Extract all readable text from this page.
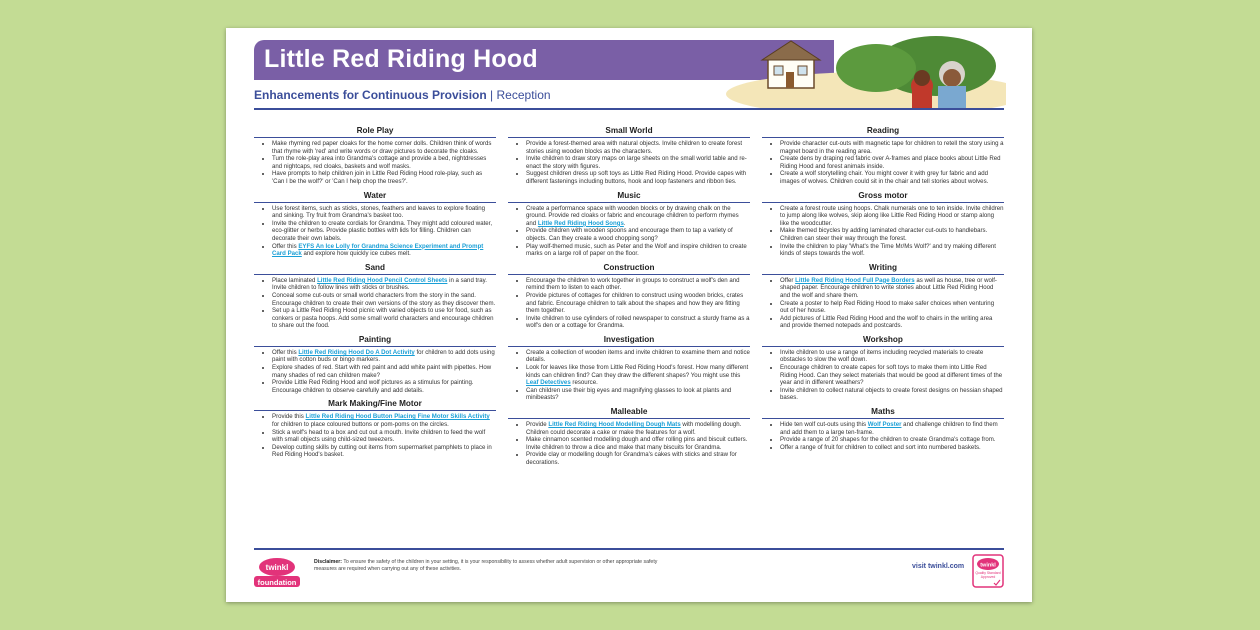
Little Red Riding Hood
Enhancements for Continuous Provision | Reception
Role Play
• Make rhyming red paper cloaks for the home corner dolls. Children think of words that rhyme with 'red' and write words or draw pictures to decorate the cloaks.
• Turn the role-play area into Grandma's cottage and provide a bed, nightdresses and nightcaps, red cloaks, baskets and wolf masks.
• Have prompts to help children join in Little Red Riding Hood role-play, such as 'Can I be the wolf?' or 'Can I help chop the trees?'.
Water
• Use forest items, such as sticks, stones, feathers and leaves to explore floating and sinking. Try fruit from Grandma's basket too.
• Invite the children to create cordials for Grandma. They might add coloured water, eco-glitter or herbs. Provide plastic bottles with lids for filling. Children can decorate their own labels.
• Offer this EYFS An Ice Lolly for Grandma Science Experiment and Prompt Card Pack and explore how quickly ice cubes melt.
Sand
• Place laminated Little Red Riding Hood Pencil Control Sheets in a sand tray. Invite children to follow lines with sticks or brushes.
• Conceal some cut-outs or small world characters from the story in the sand. Encourage children to create their own versions of the story as they discover them.
• Set up a Little Red Riding Hood picnic with varied objects to use for food, such as conkers or pasta hoops. Add some small world characters and encourage children to share out the food.
Painting
• Offer this Little Red Riding Hood Do A Dot Activity for children to add dots using paint with cotton buds or bingo markers.
• Explore shades of red. Start with red paint and add white paint with pipettes. How many shades of red can children make?
• Provide Little Red Riding Hood and wolf pictures as a stimulus for painting. Encourage children to observe carefully and add details.
Mark Making/Fine Motor
• Provide this Little Red Riding Hood Button Placing Fine Motor Skills Activity for children to place coloured buttons or pom-poms on the circles.
• Stick a wolf's head to a box and cut out a mouth. Invite children to feed the wolf with small objects using child-sized tweezers.
• Develop cutting skills by cutting out items from supermarket pamphlets to place in Red Riding Hood's basket.
Small World
• Provide a forest-themed area with natural objects. Invite children to create forest stories using wooden blocks as the characters.
• Invite children to draw story maps on large sheets on the small world table and re-enact the story with figures.
• Suggest children dress up soft toys as Little Red Riding Hood. Provide capes with different fastenings including buttons, hook and loop fasteners and ribbon ties.
Music
• Create a performance space with wooden blocks or by drawing chalk on the ground. Provide red cloaks or fabric and encourage children to perform rhymes and Little Red Riding Hood Songs.
• Provide children with wooden spoons and encourage them to tap a variety of objects. Can they create a wood chopping song?
• Play wolf-themed music, such as Peter and the Wolf and inspire children to create marks on a large roll of paper on the floor.
Construction
• Encourage the children to work together in groups to construct a wolf's den and remind them to listen to each other.
• Provide pictures of cottages for children to construct using wooden bricks, crates and fabric. Encourage children to talk about the shapes and how they are fitting them together.
• Invite children to use cylinders of rolled newspaper to construct a sturdy frame as a wolf's den or a cottage for Grandma.
Investigation
• Create a collection of wooden items and invite children to examine them and notice details.
• Look for leaves like those from Little Red Riding Hood's forest. How many different kinds can children find? Can they draw the different shapes? You might use this Leaf Detectives resource.
• Can children use their big eyes and magnifying glasses to look at plants and minibeasts?
Malleable
• Provide Little Red Riding Hood Modelling Dough Mats with modelling dough. Children could decorate a cake or make the features for a wolf.
• Make cinnamon scented modelling dough and offer rolling pins and biscuit cutters. Invite children to throw a dice and make that many biscuits for Grandma.
• Provide clay or modelling dough for Grandma's cakes with sticks and straw for decorations.
Reading
• Provide character cut-outs with magnetic tape for children to retell the story using a magnet board in the reading area.
• Create dens by draping red fabric over A-frames and place books about Little Red Riding Hood and forest animals inside.
• Create a wolf storytelling chair. You might cover it with grey fur fabric and add images of wolves. Children could sit in the chair and tell stories about wolves.
Gross motor
• Create a forest route using hoops. Chalk numerals one to ten inside. Invite children to jump along like wolves, skip along like Little Red Riding Hood or stamp along like the woodcutter.
• Make themed bicycles by adding laminated character cut-outs to handlebars. Children can steer their way through the forest.
• Invite the children to play 'What's the Time Mr/Ms Wolf?' and try making different kinds of steps towards the wolf.
Writing
• Offer Little Red Riding Hood Full Page Borders as well as house, tree or wolf-shaped paper. Encourage children to write stories about Little Red Riding Hood and the wolf and share them.
• Create a poster to help Red Riding Hood to make safer choices when venturing out of her house.
• Add pictures of Little Red Riding Hood and the wolf to chairs in the writing area and provide themed notepads and postcards.
Workshop
• Invite children to use a range of items including recycled materials to create obstacles to slow the wolf down.
• Encourage children to create capes for soft toys to make them into Little Red Riding Hood. Can they select materials that would be good at different times of the year and in different weathers?
• Invite children to collect natural objects to create forest designs on hessian shaped bases.
Maths
• Hide ten wolf cut-outs using this Wolf Poster and challenge children to find them and add them to a large ten-frame.
• Provide a range of 20 shapes for the children to create Grandma's cottage from.
• Offer a range of fruit for children to collect and sort into numbered baskets.
twinkl
foundation
Disclaimer: To ensure the safety of the children in your setting, it is your responsibility to assess whether adult supervision or other appropriate safety measures are required when carrying out any of these activities.	visit twinkl.com	twinkl
Quality Standard Approved
